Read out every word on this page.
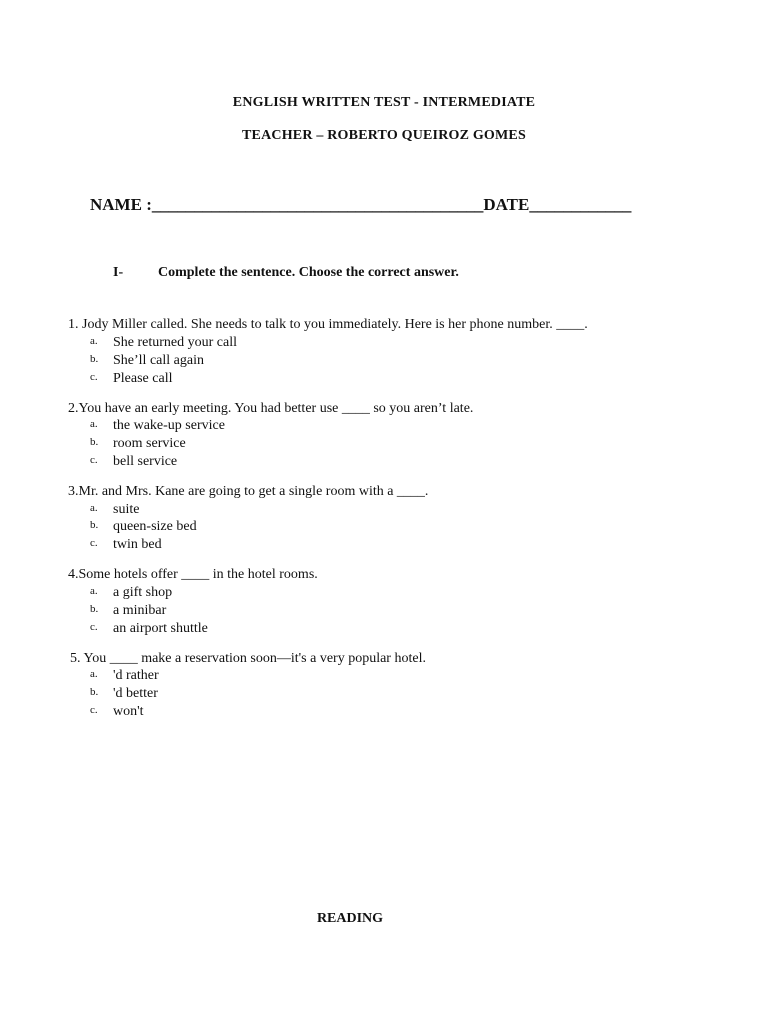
ENGLISH WRITTEN TEST - INTERMEDIATE
TEACHER – ROBERTO QUEIROZ GOMES
NAME :_______________________________________DATE____________
I- Complete the sentence. Choose the correct answer.
1. Jody Miller called. She needs to talk to you immediately. Here is her phone number. ____.
a. She returned your call
b. She’ll call again
c. Please call
2.You have an early meeting. You had better use ____ so you aren’t late.
a. the wake-up service
b. room service
c. bell service
3.Mr. and Mrs. Kane are going to get a single room with a ____.
a. suite
b. queen-size bed
c. twin bed
4.Some hotels offer ____ in the hotel rooms.
a. a gift shop
b. a minibar
c. an airport shuttle
5. You ____ make a reservation soon—it's a very popular hotel.
a. 'd rather
b. 'd better
c. won't
READING
